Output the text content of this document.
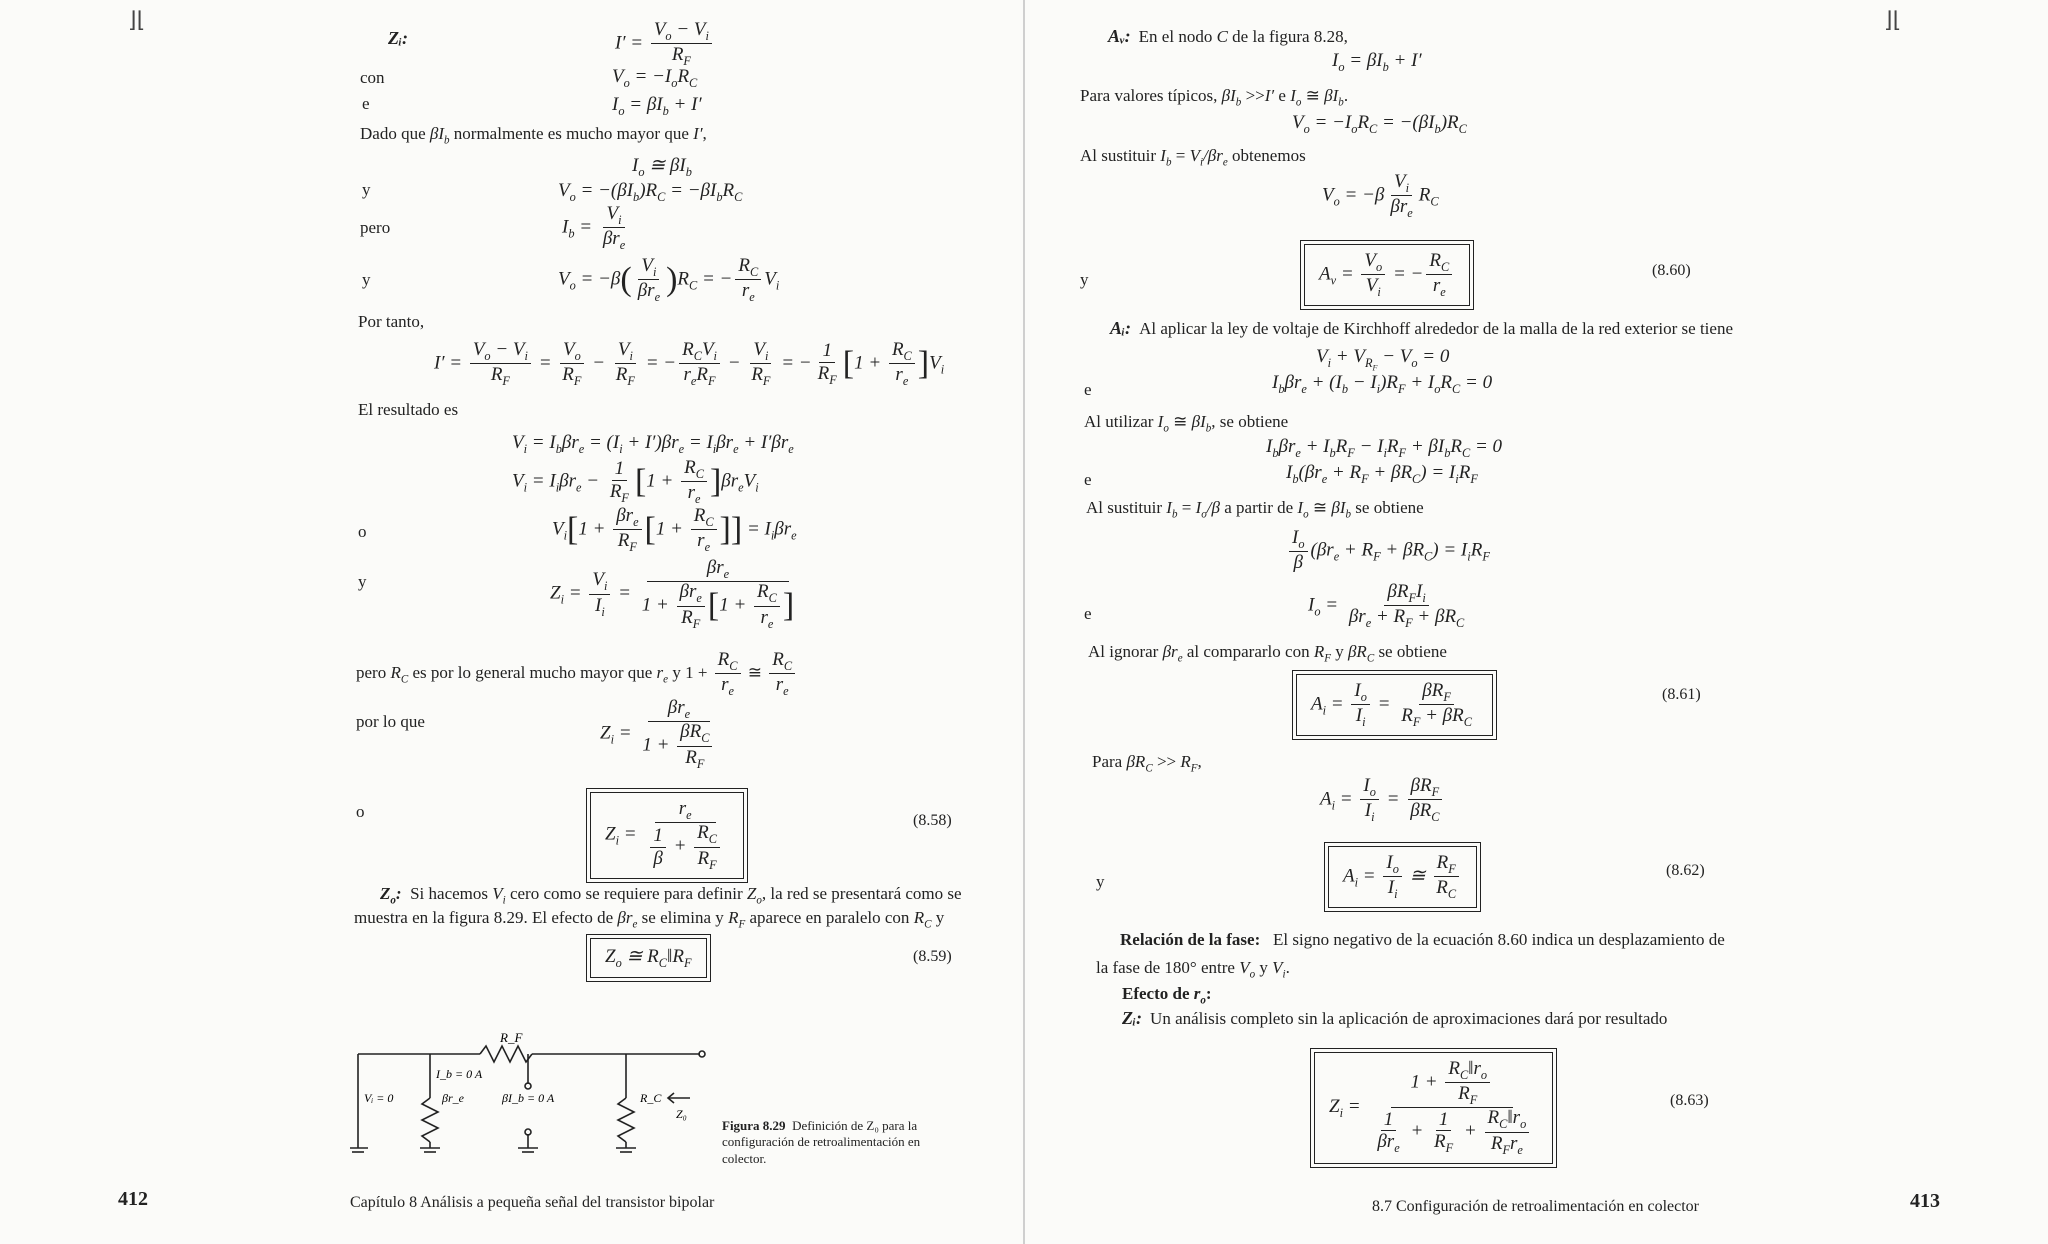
⌋⌊
Zᵢ:	$I' = \frac{V_o - V_i}{R_F}$
con	$V_o = -I_oR_C$
e	$I_o = \beta I_b + I'$
Dado que $\beta I_b$ normalmente es mucho mayor que I′,
$I_o$ ≅ $\beta I_b$
y	$V_o = -(\beta I_b)R_C = -\beta I_bR_C$
pero	$I_b = \frac{V_i}{\beta r_e}$
y	$V_o = -\beta( \frac{V_i}{\beta r_e} )R_C$ = − $\frac{R_C}{r_e} V_i$
Por tanto,
$I' = \frac{V_o - V_i}{R_F} = \frac{V_o}{R_F} - \frac{V_i}{R_F}$ = − $\frac{R_CV_i}{r_eR_F} - \frac{V_i}{R_F}$ = − $\frac{1}{R_F} [1 + \frac{R_C}{r_e} ]V_i$
El resultado es
$V_i = I_b\beta r_e = (I_i + I')\beta r_e = I_i\beta r_e + I'\beta r_e$
$V_i = I_i\beta r_e - \frac{1}{R_F} [1 + \frac{R_C}{r_e} ]\beta r_eV_i$
o	$V_i[1 + \frac{\beta r_e}{R_F} [1 + \frac{R_C}{r_e}$ ]] = $I_i\beta r_e$
y
$Z_i = \frac{V_i}{I_i} = \frac{\beta r_e}{1 + \frac{\beta r_e}{R_F} [1 + \frac{R_C}{r_e} ]}$
pero $R_C$ es por lo general mucho mayor que $r_e$ y $1 + \frac{R_C}{r_e}$ ≅ $\frac{R_C}{r_e}$
por lo que
$Z_i = \frac{\beta r_e}{1 + \frac{\beta R_C}{R_F}}$
o
$Z_i = \frac{r_e}{\frac{1}{\beta} + \frac{R_C}{R_F}}$	(8.58)
$Z_o$:  Si hacemos $V_i$ cero como se requiere para definir $Z_o$, la red se presentará como se
muestra en la figura 8.29. El efecto de $\beta r_e$ se elimina y $R_F$ aparece en paralelo con $R_C$ y
$Z_o$ ≅ $R_C‖R_F$	(8.59)
R_F
I_b = 0 A
Vᵢ = 0	βr_e	βI_b = 0 A	R_C
Z₀
Figura 8.29 Definición de Z₀ para la configuración de retroalimentación en colector.
412	Capítulo 8 Análisis a pequeña señal del transistor bipolar
⌋⌊
Aᵥ: En el nodo C de la figura 8.28,
$I_o = \beta I_b + I'$
Para valores típicos, $\beta I_b >>I'$ e $I_o$ ≅ $\beta I_b$.
$V_o = -I_oR_C = -(\beta I_b)R_C$
Al sustituir $I_b = V_i/\beta r_e$ obtenemos
$V_o = -\beta \frac{V_i}{\beta r_e} R_C$
y	$A_v = \frac{V_o}{V_i}$ = − $\frac{R_C}{r_e}$	(8.60)
Aᵢ: Al aplicar la ley de voltaje de Kirchhoff alrededor de la malla de la red exterior se tiene
$V_i + V_{R_F} - V_o = 0$
e	$I_b\beta r_e + (I_b - I_i)R_F + I_oR_C = 0$
Al utilizar $I_o$ ≅ $\beta I_b$, se obtiene
$I_b\beta r_e + I_bR_F - I_iR_F + \beta I_bR_C = 0$
e	$I_b(\beta r_e + R_F + \beta R_C) = I_iR_F$
Al sustituir $I_b = I_o/\beta$ a partir de $I_o$ ≅ $\beta I_b$ se obtiene
$\frac{I_o}{\beta} (\beta r_e + R_F + \beta R_C) = I_iR_F$
e	$I_o = \frac{\beta R_FI_i}{\beta r_e + R_F + \beta R_C}$
Al ignorar $\beta r_e$ al compararlo con $R_F$ y $\beta R_C$ se obtiene
$A_i = \frac{I_o}{I_i} = \frac{\beta R_F}{R_F + \beta R_C}$	(8.61)
Para $\beta R_C >> R_F$,
$A_i = \frac{I_o}{I_i} = \frac{\beta R_F}{\beta R_C}$
y	$A_i = \frac{I_o}{I_i}$ ≅ $\frac{R_F}{R_C}$	(8.62)
Relación de la fase: El signo negativo de la ecuación 8.60 indica un desplazamiento de
la fase de 180° entre $V_o$ y $V_i$.
Efecto de $r_o$:
Zᵢ: Un análisis completo sin la aplicación de aproximaciones dará por resultado
$Z_i = \frac{1 + \frac{R_C‖r_o}{R_F}}{\frac{1}{\beta r_e} + \frac{1}{R_F} + \frac{R_C‖r_o}{R_Fr_e}}$	(8.63)
8.7 Configuración de retroalimentación en colector	413
